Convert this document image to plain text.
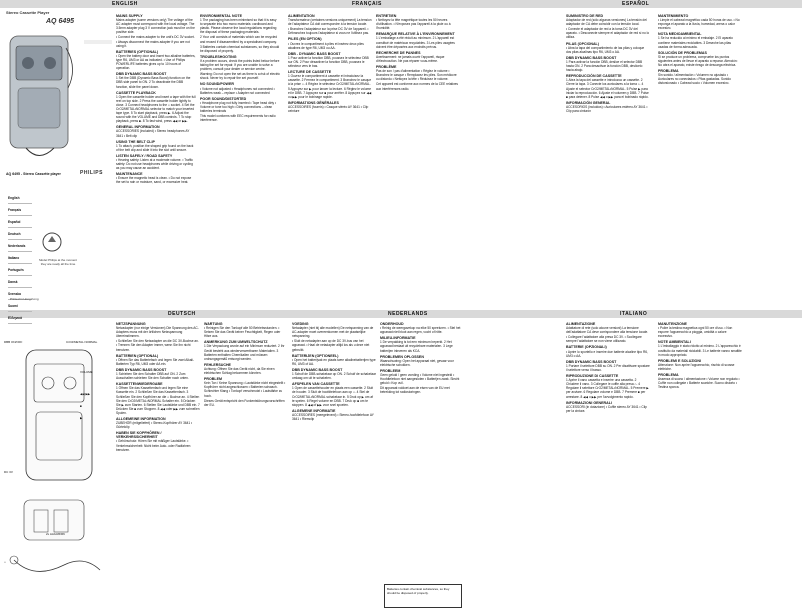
ENGLISH	FRANÇAIS	ESPAÑOL
DEUTSCH	NEDERLANDS	ITALIANO
Stereo Cassette Player
AQ 6495
AQ 6495 - Stereo Cassette player	PHILIPS
English
Français
Español
Deutsch
Nederlands
Italiano
Português
Dansk
Svenska
Suomi
Ελληνικά
Model Philips at the moment they are ready all the time
Printed in Hong Kong
MAINS SUPPLY
Mains adapter (some versions only) The voltage of the AC adapter must correspond with the local voltage. The 3.5mm adapter plug 3 V connection jack must be on the positive side.
• Connect the mains adapter to the unit's DC 3V socket. • Always disconnect the mains adapter if you are not using it.
BATTERIES (OPTIONAL)
• Open the battery door and insert two alkaline batteries, type R6, UM3 or AA as indicated. • Use of Philips POWERLIFE batteries gives up to 10 hours of operation.
DBB DYNAMIC BASS BOOST
1 Set the DBB (Dynamic Bass Boost) function on the DBB side panel to ON. 2 To deactivate the DBB function, slide the panel down.
CASSETTE PLAYBACK
1 Open the cassette holder and insert a tape with the full reel on top side. 2 Press the cassette holder lightly to close. 3 Connect headphones to the ⌂ socket. 4 Set the CrO2/METAL•NORMAL selector to match your inserted tape type. 5 To start playback, press ▶. 6 Adjust the sound with the VOLUME and DBB controls. 7 To stop playback, press ■. 8 To fast wind, press ◀◀ or ▶▶.
GENERAL INFORMATION
ACCESSORIES (included) • Stereo headphones AY 3641 • Belt clip
USING THE BELT CLIP
1 To attach, position the shaped grip found on the back of the belt clip and slide it into the slot until secure.
LISTEN SAFELY / ROAD SAFETY
• Hearing safety: Listen at a moderate volume. • Traffic safety: Do not use headphones while driving or cycling as you may cause an accident.
MAINTENANCE
• Ensure the magnetic head is clean. • Do not expose the set to rain or moisture, sand, or excessive heat.
ENVIRONMENTAL NOTE
1 The packaging has been minimised so that it is easy to separate into two mono materials: cardboard and plastic. Please observe the local regulations regarding the disposal of these packaging materials.
2 Your unit consists of materials which can be recycled and reused if disassembled by a specialised company.
3 Batteries contain chemical substances, so they should be disposed of properly.
TROUBLESHOOTING
If a problem occurs, check the points listed below before taking the set for repair. If you are unable to solve a problem, consult your dealer or service centre.
Warning: Do not open the set as there is a risk of electric shock. Never try to repair the set yourself.
NO SOUND/POWER
• Volume not adjusted • Headphones not connected • Batteries weak – replace • Adapter not connected
POOR SOUND/DISTORTED
• Headphone plug not fully inserted • Tape head dirty • Volume or tone too high • Dirty connections – clean batteries terminals
This model conforms with EEC requirements for radio interference.
ALIMENTATION
Transformateur (certaines versions uniquement) La tension de l'adaptateur CA doit correspondre à la tension locale.
• Branchez l'adaptateur sur la prise DC 3V de l'appareil. • Débranchez toujours l'adaptateur si vous ne l'utilisez pas.
PILES (EN OPTION)
• Ouvrez le compartiment à piles et insérez deux piles alcalines de type R6, UM3 ou AA.
DBB - DYNAMIC BASS BOOST
1 Pour activer la fonction DBB, poussez le sélecteur DBB sur ON. 2 Pour désactiver la fonction DBB, poussez le sélecteur vers le bas.
LECTURE DE CASSETTE
1 Ouvrez le compartiment à cassette et introduisez la cassette. 2 Fermez le compartiment. 3 Branchez le casque à la prise ⌂. 4 Réglez le sélecteur CrO2/METAL•NORMAL. 5 Appuyez sur ▶ pour lancer la lecture. 6 Réglez le volume et le DBB. 7 Appuyez sur ■ pour arrêter. 8 Appuyez sur ◀◀ ou ▶▶ pour le bobinage rapide.
INFORMATIONS GÉNÉRALES
ACCESSOIRES (fournis) • Casque stéréo AY 3641 • Clip ceinture
ENTRETIEN
• Nettoyez la tête magnétique toutes les 50 heures d'utilisation. • N'exposez pas l'appareil à la pluie ou à l'humidité.
REMARQUE RELATIVE À L'ENVIRONNEMENT
1 L'emballage a été réduit au minimum. 2 L'appareil est constitué de matériaux recyclables. 3 Les piles usagées doivent être déposées aux endroits prévus.
RECHERCHE DE PANNES
Avertissement: ne jamais ouvrir l'appareil, risque d'électrocution. Ne pas réparer vous-même.
PROBLÈME
Pas de son / pas d'alimentation • Réglez le volume • Branchez le casque • Remplacez les piles. Son médiocre ou distordu • Nettoyez la tête • Réduisez le volume.
Cet appareil est conforme aux normes de la CEE relatives aux interférences radio.
SUMINISTRO DE RED
Adaptador de red (sólo algunas versiones) La tensión del adaptador de CA debe coincidir con la tensión local.
• Conecte el adaptador de red a la toma DC 3V del aparato. • Desconecte siempre el adaptador de red si no lo utiliza.
PILAS (OPCIONAL)
• Abra la tapa del compartimiento de las pilas y coloque dos pilas alcalinas tipo R6, UM3 o AA.
DBB DYNAMIC BASS BOOST
1 Para activar la función DBB, deslice el selector DBB hasta ON. 2 Para desactivar la función DBB, deslícelo hacia abajo.
REPRODUCCIÓN DE CASSETTE
1 Abra la tapa del cassette e introduzca un cassette. 2 Cierre la tapa. 3 Conecte los auriculares a la toma ⌂. 4 Ajuste el selector CrO2/METAL•NORMAL. 5 Pulse ▶ para iniciar la reproducción. 6 Ajuste el volumen y DBB. 7 Pulse ■ para detener. 8 Pulse ◀◀ o ▶▶ para el bobinado rápido.
INFORMACIÓN GENERAL
ACCESORIOS (incluidos) • Auriculares estéreo AY 3641 • Clip para cinturón
MANTENIMIENTO
• Limpie el cabezal magnético cada 50 horas de uso. • No exponga el aparato a la lluvia, humedad, arena o calor excesivo.
NOTA MEDIOAMBIENTAL
1 Se ha reducido al mínimo el embalaje. 2 El aparato contiene materiales reciclables. 3 Deseche las pilas usadas de forma adecuada.
SOLUCIÓN DE PROBLEMAS
Si se produce un problema, compruebe los puntos siguientes antes de llevar el aparato a reparar. Atención: No abra el aparato, existe riesgo de descarga eléctrica.
PROBLEMA
Sin sonido / alimentación • Volumen no ajustado • Auriculares no conectados • Pilas gastadas. Sonido distorsionado • Cabezal sucio • Volumen excesivo.
DBB ON/OFF	CrO2/METAL NORMAL
VOLUME
◀◀ ▶▶
■
▶
DC 3V
⌂
2x AA/LR6/R6
NETZSPANNUNG
Netzadapter (nur einige Versionen) Die Spannung des AC-Adapters muss mit der örtlichen Netzspannung übereinstimmen.
• Schließen Sie den Netzadapter an die DC 3V-Buchse an. • Trennen Sie den Adapter immer, wenn Sie ihn nicht benutzen.
BATTERIEN (OPTIONAL)
• Öffnen Sie das Batteriefach und legen Sie zwei Alkali-Batterien Typ R6, UM3 oder AA ein.
DBB DYNAMIC BASS BOOST
1 Schieben Sie den Schalter DBB auf ON. 2 Zum Ausschalten schieben Sie den Schalter nach unten.
KASSETTENWIEDERGABE
1 Öffnen Sie das Kassettenfach und legen Sie eine Kassette ein. 2 Schließen Sie das Kassettenfach. 3 Schließen Sie den Kopfhörer an die ⌂ Buchse an. 4 Stellen Sie den CrO2/METAL•NORMAL Schalter ein. 5 Drücken Sie ▶ zum Starten. 6 Stellen Sie Lautstärke und DBB ein. 7 Drücken Sie ■ zum Stoppen. 8 ◀◀ oder ▶▶ zum schnellen Spulen.
ALLGEMEINE INFORMATION
ZUBEHÖR (mitgeliefert) • Stereo-Kopfhörer AY 3641 • Gürtelclip
HABEN SIE KOPFHÖREN / VERKEHRSSICHERHEIT
• Gehörschutz: Hören Sie mit mäßiger Lautstärke. • Verkehrssicherheit: Nicht beim Auto- oder Radfahren benutzen.
WARTUNG
• Reinigen Sie den Tonkopf alle 50 Betriebsstunden. • Setzen Sie das Gerät keiner Feuchtigkeit, Regen oder Hitze aus.
ANMERKUNG ZUM UMWELTSCHUTZ
1 Die Verpackung wurde auf ein Minimum reduziert. 2 Ihr Gerät besteht aus wiederverwertbaren Materialien. 3 Batterien enthalten Chemikalien und müssen ordnungsgemäß entsorgt werden.
FEHLERSUCHE
Achtung: Öffnen Sie das Gerät nicht, da Sie einen elektrischen Schlag bekommen könnten.
PROBLEM
Kein Ton / Keine Spannung • Lautstärke nicht eingestellt • Kopfhörer nicht angeschlossen • Batterien schwach. Schlechter Klang • Tonkopf verschmutzt • Lautstärke zu hoch.
Dieses Gerät entspricht den Funkentstörungsvorschriften der EU.
VOEDING
Netadapter (niet bij alle modellen) De netspanning van de AC-adapter moet overeenkomen met de plaatselijke netspanning.
• Sluit de netadapter aan op de DC 3V-bus van het apparaat. • Haal de netadapter altijd los als u deze niet gebruikt.
BATTERIJEN (OPTIONEEL)
• Open het batterijvak en plaats twee alkalinebatterijen type R6, UM3 of AA.
DBB DYNAMIC BASS BOOST
1 Schuif de DBB-schakelaar op ON. 2 Schuif de schakelaar omlaag om uit te schakelen.
AFSPELEN VAN CASSETTE
1 Open de cassettehouder en plaats een cassette. 2 Sluit de houder. 3 Sluit de hoofdtelefoon aan op ⌂. 4 Stel de CrO2/METAL•NORMAL schakelaar in. 5 Druk op ▶ om af te spelen. 6 Regel volume en DBB. 7 Druk op ■ om te stoppen. 8 ◀◀ of ▶▶ voor snel spoelen.
ALGEMENE INFORMATIE
ACCESSOIRES (meegeleverd) • Stereo-hoofdtelefoon AY 3641 • Riemclip
ONDERHOUD
• Reinig de weergavekop na elke 50 speeluren. • Stel het apparaat niet bloot aan regen, vocht of hitte.
MILIEU-INFORMATIE
1 De verpakking is tot een minimum beperkt. 2 Het apparaat bestaat uit recyclebare materialen. 3 Lege batterijen inleveren als KCA.
PROBLEMEN OPLOSSEN
Waarschuwing: Open het apparaat niet, gevaar voor elektrische schokken.
PROBLEEM
Geen geluid / geen voeding • Volume niet ingesteld • Hoofdtelefoon niet aangesloten • Batterijen zwak. Slecht geluid • Kop vuil.
Dit apparaat voldoet aan de eisen van de EU met betrekking tot radiostoringen.
ALIMENTAZIONE
Adattatore di rete (solo alcune versioni) La tensione dell'adattatore CA deve corrispondere alla tensione locale.
• Collegare l'adattatore alla presa DC 3V. • Scollegare sempre l'adattatore se non viene utilizzato.
BATTERIE (OPZIONALI)
• Aprire lo sportello e inserire due batterie alcaline tipo R6, UM3 o AA.
DBB DYNAMIC BASS BOOST
1 Portare il selettore DBB su ON. 2 Per disattivare spostare il selettore verso il basso.
RIPRODUZIONE DI CASSETTE
1 Aprire il vano cassetta e inserire una cassetta. 2 Chiudere il vano. 3 Collegare le cuffie alla presa ⌂. 4 Regolare il selettore CrO2/METAL•NORMAL. 5 Premere ▶ per avviare. 6 Regolare volume e DBB. 7 Premere ■ per arrestare. 8 ◀◀ o ▶▶ per l'avvolgimento rapido.
INFORMAZIONI GENERALI
ACCESSORI (in dotazione) • Cuffie stereo AY 3641 • Clip per la cintura
MANUTENZIONE
• Pulire la testina magnetica ogni 50 ore d'uso. • Non esporre l'apparecchio a pioggia, umidità o calore eccessivo.
NOTE AMBIENTALI
1 L'imballaggio è stato ridotto al minimo. 2 L'apparecchio è costituito da materiali riciclabili. 3 Le batterie vanno smaltite in modo appropriato.
PROBLEMI E SOLUZIONI
Attenzione: Non aprire l'apparecchio, rischio di scosse elettriche.
PROBLEMA
Assenza di suono / alimentazione • Volume non regolato • Cuffie non collegate • Batterie scariche. Suono distorto • Testina sporca.
Batteries contain chemical substances, so they should be disposed of properly.
